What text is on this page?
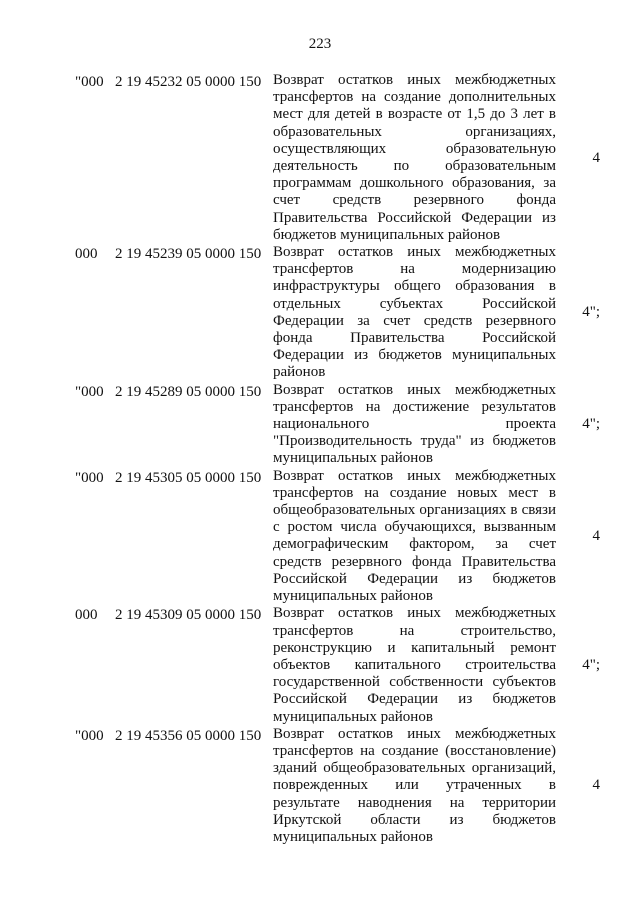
223
"000 2 19 45232 05 0000 150 Возврат остатков иных межбюджетных трансфертов на создание дополнительных мест для детей в возрасте от 1,5 до 3 лет в образовательных организациях, осуществляющих образовательную деятельность по образовательным программам дошкольного образования, за счет средств резервного фонда Правительства Российской Федерации из бюджетов муниципальных районов
4
000	2 19 45239 05 0000 150 Возврат остатков иных межбюджетных трансфертов на модернизацию инфраструктуры общего образования в отдельных субъектах Российской Федерации за счет средств резервного фонда Правительства Российской Федерации из бюджетов муниципальных районов
4";
"000 2 19 45289 05 0000 150 Возврат остатков иных межбюджетных трансфертов на достижение результатов национального проекта "Производительность труда" из бюджетов муниципальных районов
4";
"000 2 19 45305 05 0000 150 Возврат остатков иных межбюджетных трансфертов на создание новых мест в общеобразовательных организациях в связи с ростом числа обучающихся, вызванным демографическим фактором, за счет средств резервного фонда Правительства Российской Федерации из бюджетов муниципальных районов
4
000	2 19 45309 05 0000 150 Возврат остатков иных межбюджетных трансфертов на строительство, реконструкцию и капитальный ремонт объектов капитального строительства государственной собственности субъектов Российской Федерации из бюджетов муниципальных районов
4";
"000 2 19 45356 05 0000 150 Возврат остатков иных межбюджетных трансфертов на создание (восстановление) зданий общеобразовательных организаций, поврежденных или утраченных в результате наводнения на территории Иркутской области из бюджетов муниципальных районов
4
